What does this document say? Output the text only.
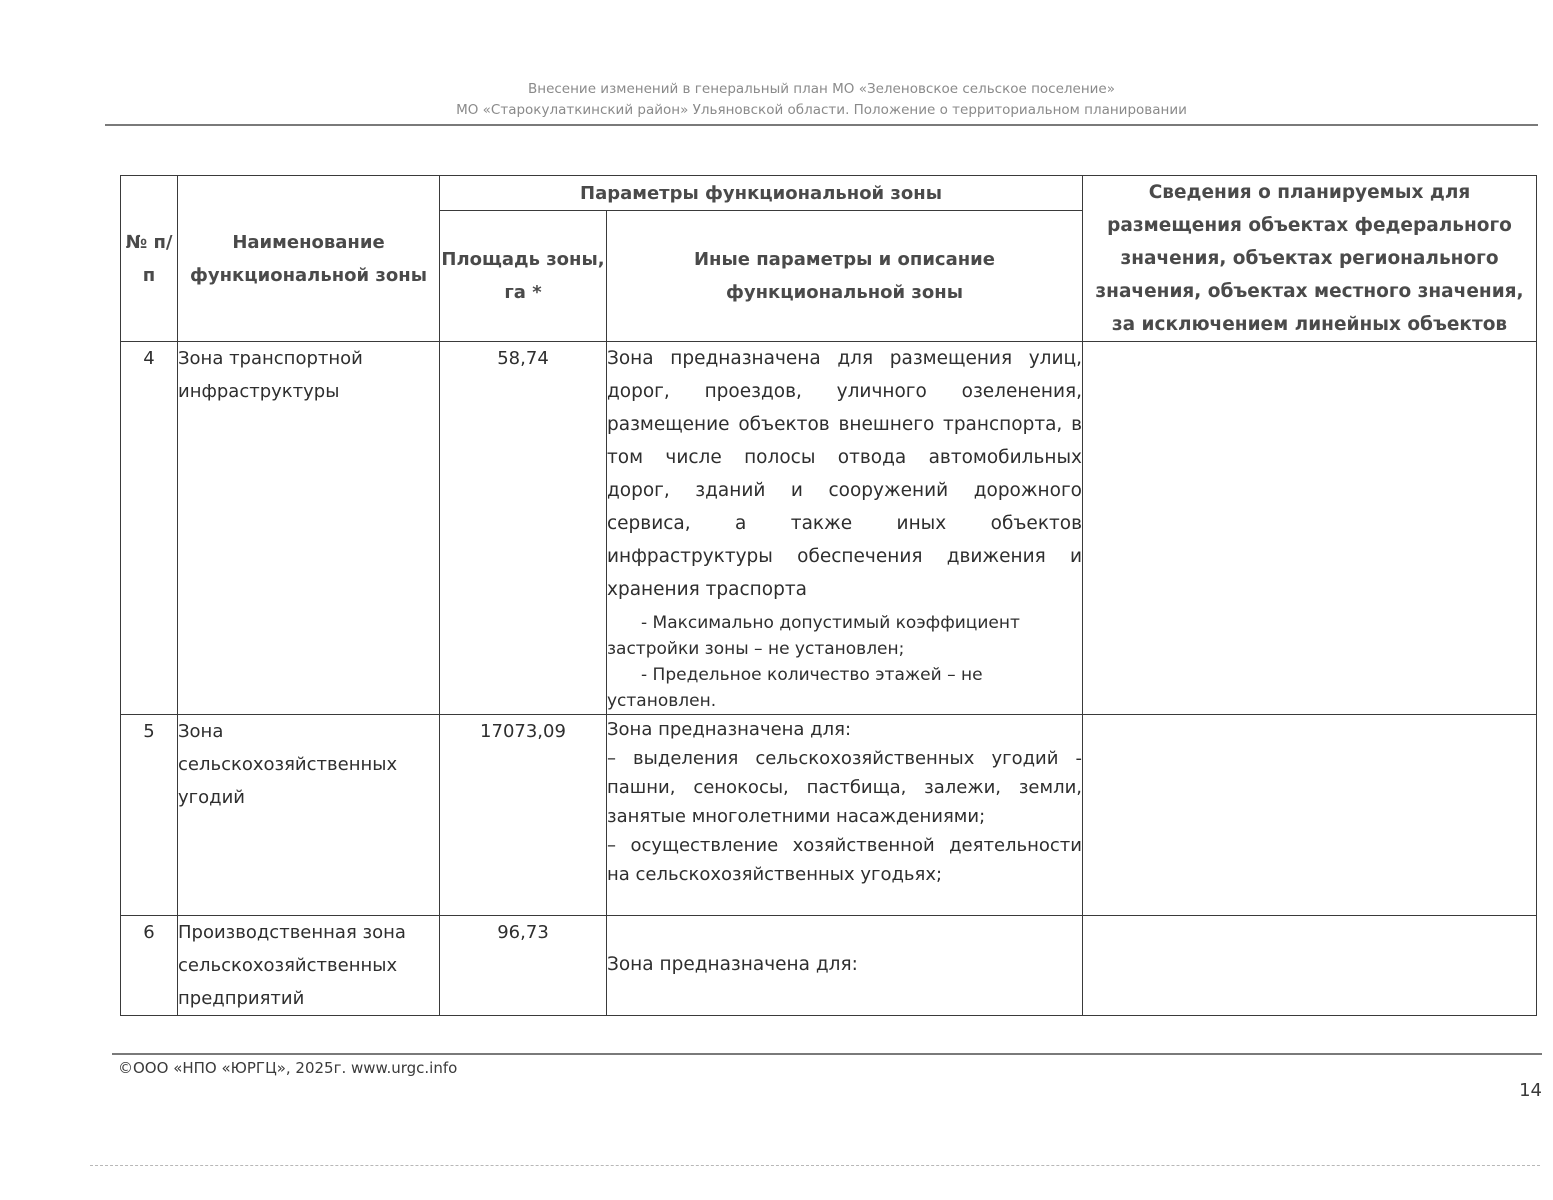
Внесение изменений в генеральный план МО «Зеленовское сельское поселение»
МО «Старокулаткинский район» Ульяновской области. Положение о территориальном планировании
№ п/п	Наименование функциональной зоны	Параметры функциональной зоны		Сведения о планируемых для размещения объектах федерального значения, объектах регионального значения, объектах местного значения, за исключением линейных объектов
		Площадь зоны, га *	Иные параметры и описание функциональной зоны	
4	Зона транспортной инфраструктуры	58,74	Зона предназначена для размещения улиц, дорог, проездов, уличного озеленения, размещение объектов внешнего транспорта, в том числе полосы отвода автомобильных дорог, зданий и сооружений дорожного сервиса, а также иных объектов инфраструктуры обеспечения движения и хранения траспорта

- Максимально допустимый коэффициент застройки зоны – не установлен;

- Предельное количество этажей – не установлен.	

5	Зона сельскохозяйственных угодий	17073,09	Зона предназначена для:

– выделения сельскохозяйственных угодий - пашни, сенокосы, пастбища, залежи, земли, занятые многолетними насаждениями;

– осуществление хозяйственной деятельности на сельскохозяйственных угодьях;	

6	Производственная зона сельскохозяйственных предприятий	96,73	Зона предназначена для:	

©ООО «НПО «ЮРГЦ», 2025г. www.urgc.info
14
